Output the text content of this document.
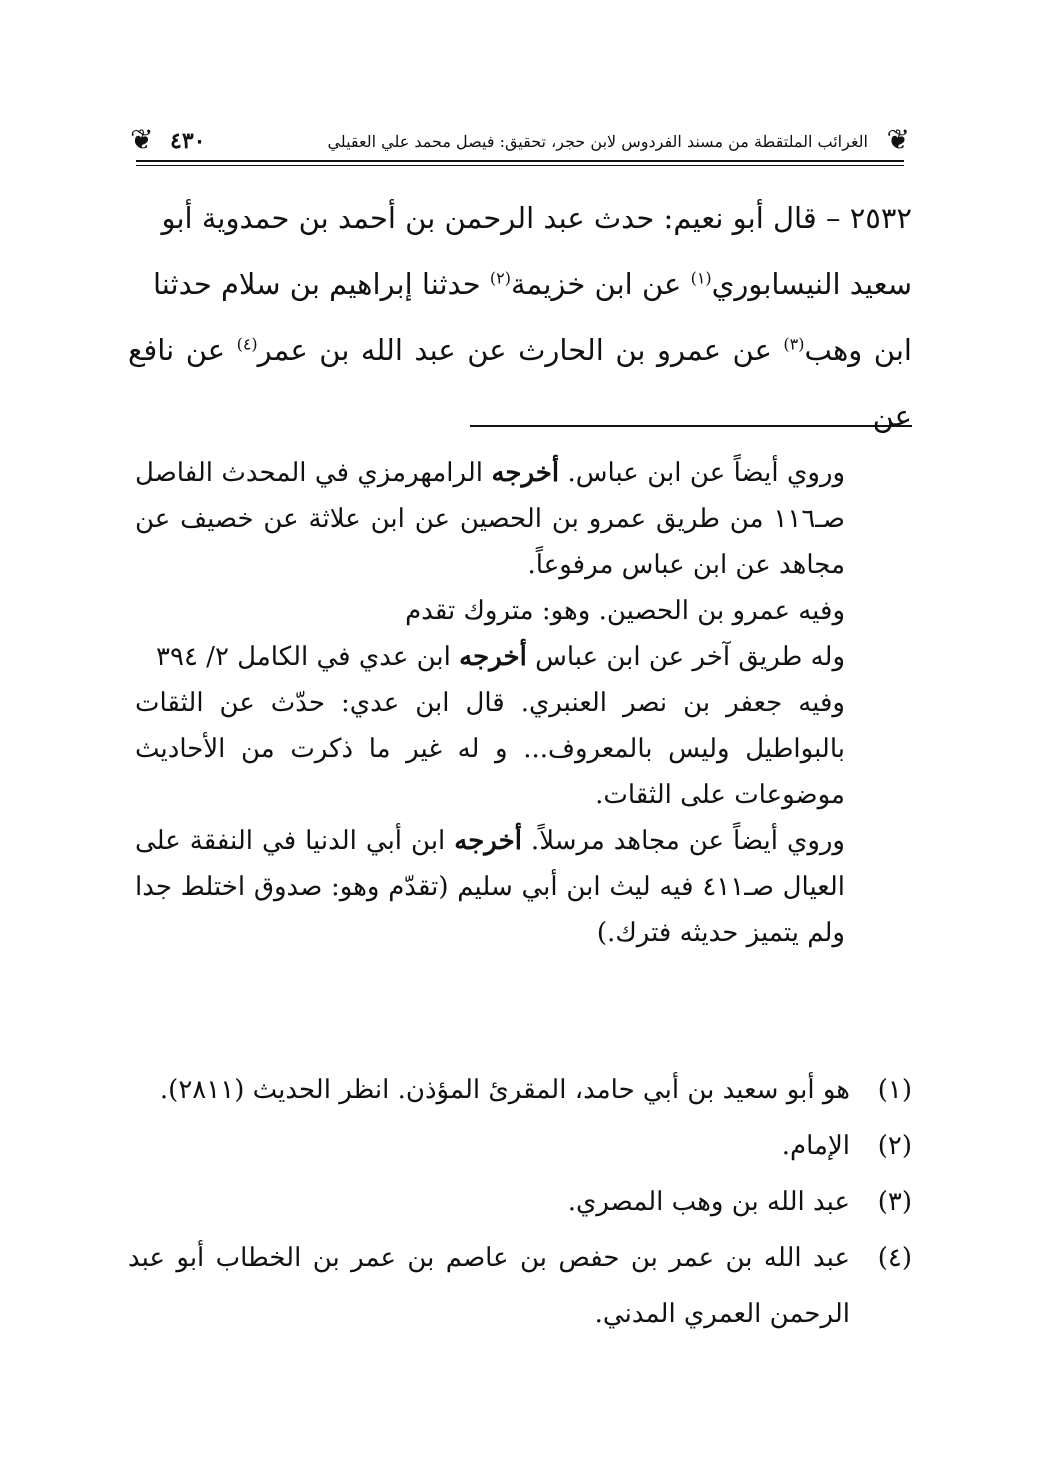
❦
الغرائب الملتقطة من مسند الفردوس لابن حجر، تحقيق: فيصل محمد علي العقيلي
٤٣٠
❦

٢٥٣٢ – قال أبو نعيم: حدث عبد الرحمن بن أحمد بن حمدوية أبو

سعيد النيسابوري$^{(١)}$ عن ابن خزيمة$^{(٢)}$ حدثنا إبراهيم بن سلام حدثنا

ابن وهب$^{(٣)}$ عن عمرو بن الحارث عن عبد الله بن عمر$^{(٤)}$ عن نافع عن

وروي أيضاً عن ابن عباس. أخرجه الرامهرمزي في المحدث الفاصل صـ١١٦ من طريق عمرو بن الحصين عن ابن علاثة عن خصيف عن مجاهد عن ابن عباس مرفوعاً.

وفيه عمرو بن الحصين. وهو: متروك تقدم

وله طريق آخر عن ابن عباس أخرجه ابن عدي في الكامل ٢/ ٣٩٤

وفيه جعفر بن نصر العنبري. قال ابن عدي: حدّث عن الثقات بالبواطيل وليس بالمعروف... و له غير ما ذكرت من الأحاديث موضوعات على الثقات.

وروي أيضاً عن مجاهد مرسلاً. أخرجه ابن أبي الدنيا في النفقة على العيال صـ٤١١ فيه ليث ابن أبي سليم (تقدّم وهو: صدوق اختلط جدا ولم يتميز حديثه فترك.)

(١)
هو أبو سعيد بن أبي حامد، المقرئ المؤذن. انظر الحديث (٢٨١١).
(٢)
الإمام.
(٣)
عبد الله بن وهب المصري.
(٤)
عبد الله بن عمر بن حفص بن عاصم بن عمر بن الخطاب أبو عبد الرحمن العمري المدني.
